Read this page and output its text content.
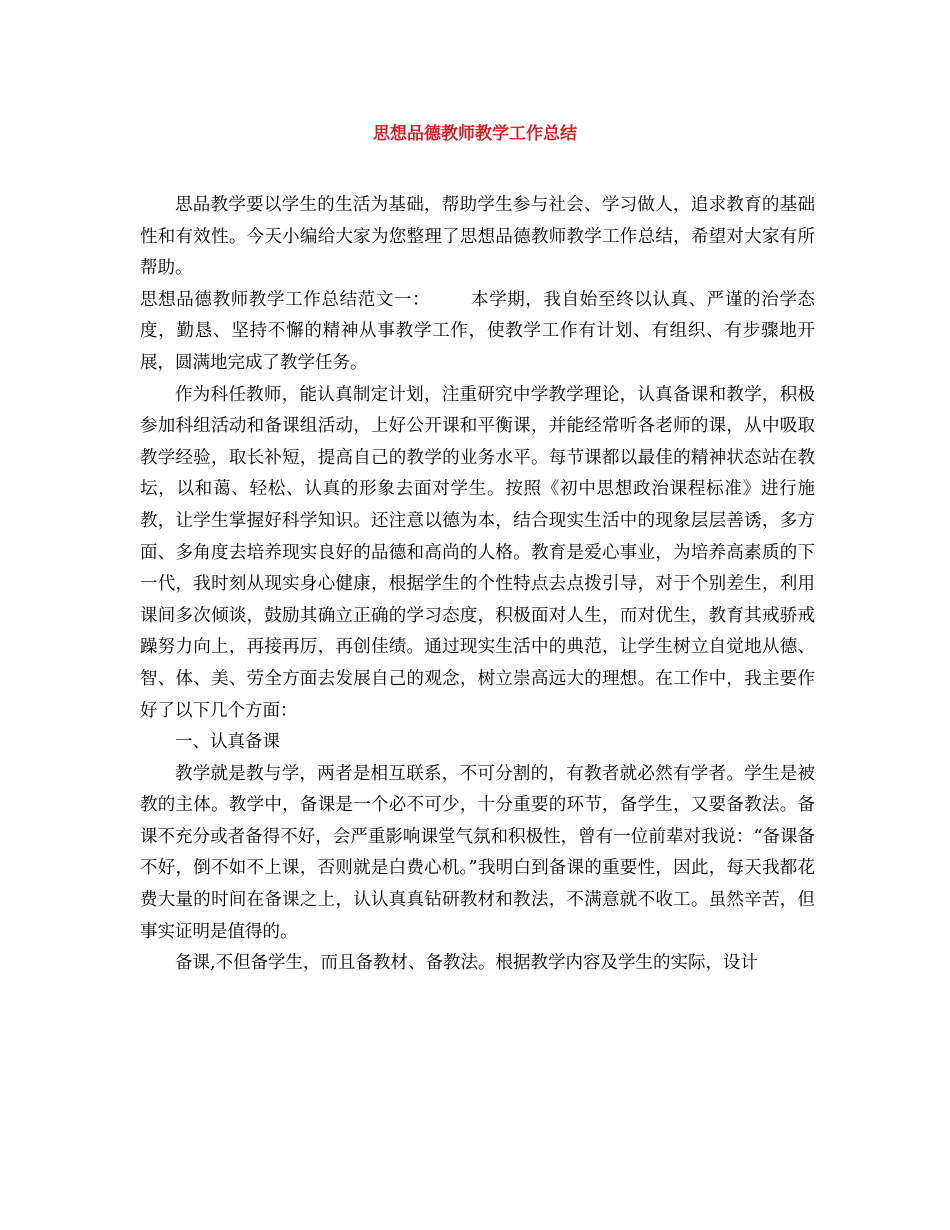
思想品德教师教学工作总结

思品教学要以学生的生活为基础，帮助学生参与社会、学习做人，追求教育的基础性和有效性。今天小编给大家为您整理了思想品德教师教学工作总结，希望对大家有所帮助。

思想品德教师教学工作总结范文一： 本学期，我自始至终以认真、严谨的治学态度，勤恳、坚持不懈的精神从事教学工作，使教学工作有计划、有组织、有步骤地开展，圆满地完成了教学任务。

作为科任教师，能认真制定计划，注重研究中学教学理论，认真备课和教学，积极参加科组活动和备课组活动，上好公开课和平衡课，并能经常听各老师的课，从中吸取教学经验，取长补短，提高自己的教学的业务水平。每节课都以最佳的精神状态站在教坛，以和蔼、轻松、认真的形象去面对学生。按照《初中思想政治课程标准》进行施教，让学生掌握好科学知识。还注意以德为本，结合现实生活中的现象层层善诱，多方面、多角度去培养现实良好的品德和高尚的人格。教育是爱心事业，为培养高素质的下一代，我时刻从现实身心健康，根据学生的个性特点去点拨引导，对于个别差生，利用课间多次倾谈，鼓励其确立正确的学习态度，积极面对人生，而对优生，教育其戒骄戒躁努力向上，再接再厉，再创佳绩。通过现实生活中的典范，让学生树立自觉地从德、智、体、美、劳全方面去发展自己的观念，树立崇高远大的理想。在工作中，我主要作好了以下几个方面：

一、认真备课

教学就是教与学，两者是相互联系，不可分割的，有教者就必然有学者。学生是被教的主体。教学中，备课是一个必不可少，十分重要的环节，备学生，又要备教法。备课不充分或者备得不好，会严重影响课堂气氛和积极性，曾有一位前辈对我说：“备课备不好，倒不如不上课，否则就是白费心机。”我明白到备课的重要性，因此，每天我都花费大量的时间在备课之上，认认真真钻研教材和教法，不满意就不收工。虽然辛苦，但事实证明是值得的。

备课,不但备学生，而且备教材、备教法。根据教学内容及学生的实际，设计
